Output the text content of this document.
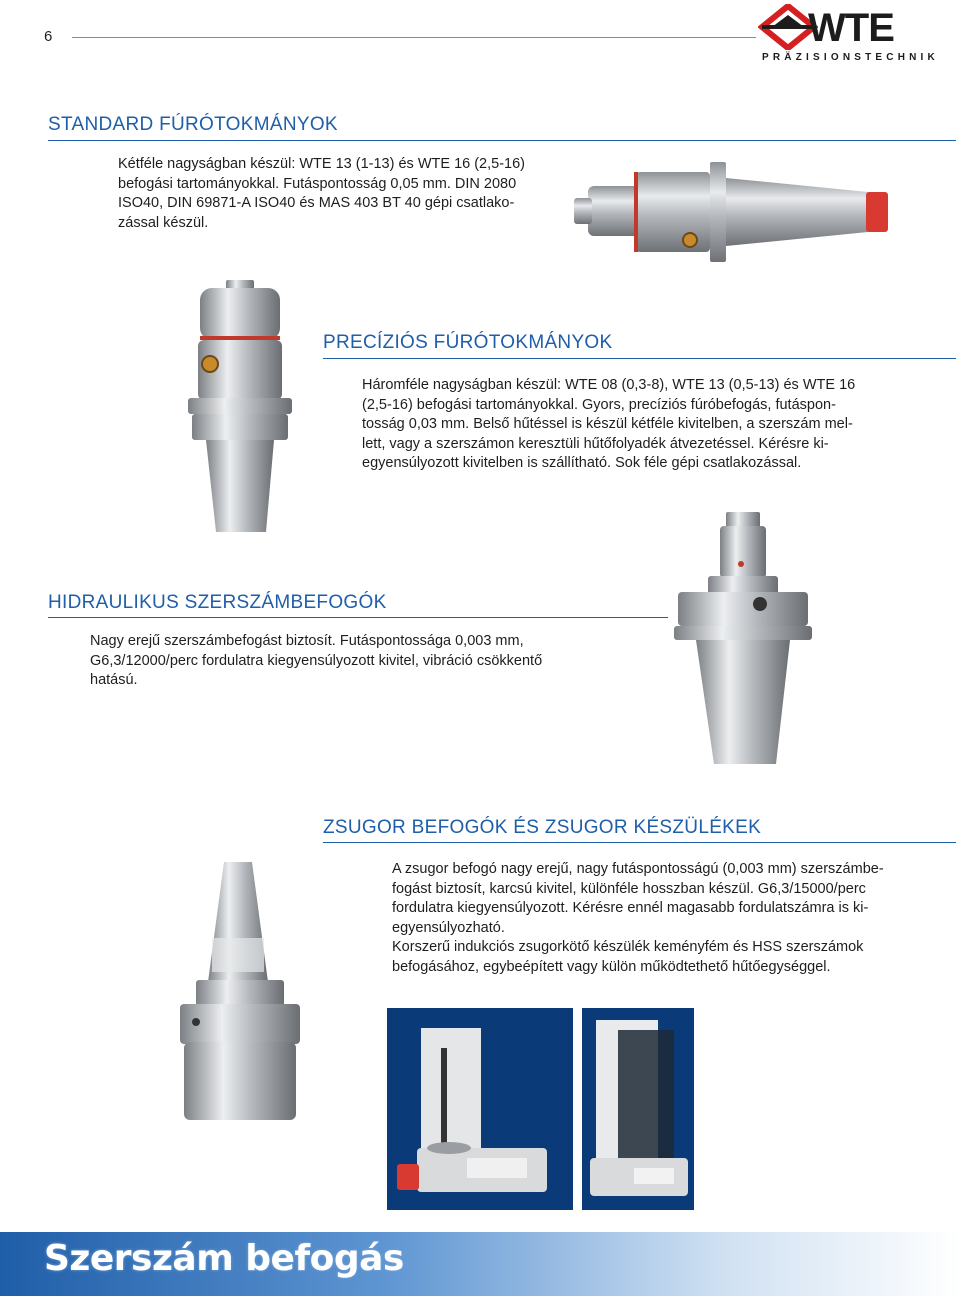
6	WTE
PRÄZISIONSTECHNIK
STANDARD FÚRÓTOKMÁNYOK
Kétféle nagyságban készül: WTE 13 (1-13) és WTE 16 (2,5-16)
befogási tartományokkal. Futáspontosság 0,05 mm. DIN 2080
ISO40, DIN 69871-A ISO40 és MAS 403 BT 40 gépi csatlako-
zással készül.
PRECÍZIÓS FÚRÓTOKMÁNYOK
Háromféle nagyságban készül: WTE 08 (0,3-8), WTE 13 (0,5-13) és WTE 16
(2,5-16) befogási tartományokkal. Gyors, precíziós fúróbefogás, futáspon-
tosság 0,03 mm. Belső hűtéssel is készül kétféle kivitelben, a szerszám mel-
lett, vagy a szerszámon keresztüli hűtőfolyadék átvezetéssel. Kérésre ki-
egyensúlyozott kivitelben is szállítható. Sok féle gépi csatlakozással.
HIDRAULIKUS SZERSZÁMBEFOGÓK
Nagy erejű szerszámbefogást biztosít. Futáspontossága 0,003 mm,
G6,3/12000/perc fordulatra kiegyensúlyozott kivitel, vibráció csökkentő
hatású.
ZSUGOR BEFOGÓK ÉS ZSUGOR KÉSZÜLÉKEK
A zsugor befogó nagy erejű, nagy futáspontosságú (0,003 mm) szerszámbe-
fogást biztosít, karcsú kivitel, különféle hosszban készül. G6,3/15000/perc
fordulatra kiegyensúlyozott. Kérésre ennél magasabb fordulatszámra is ki-
egyensúlyozható.
Korszerű indukciós zsugorkötő készülék keményfém és HSS szerszámok
befogásához, egybeépített vagy külön működtethető hűtőegységgel.
Szerszám befogás
